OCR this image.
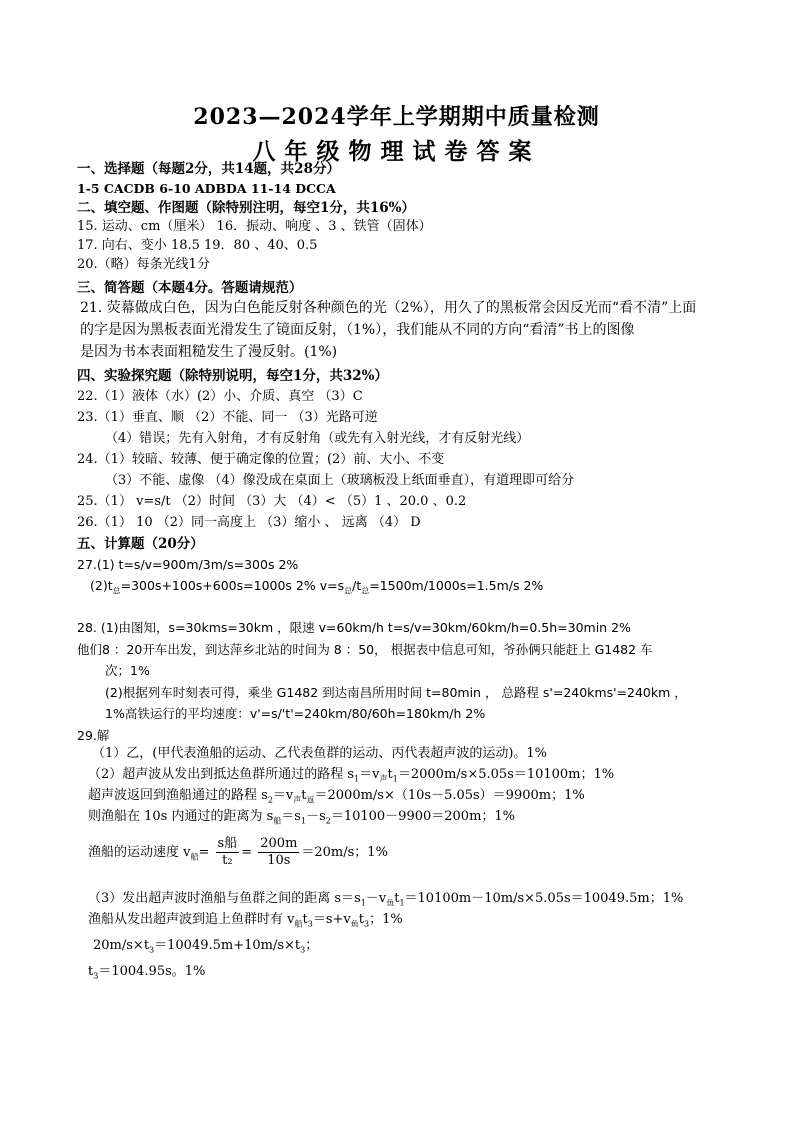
2023—2024学年上学期期中质量检测
八年级物理试卷答案
一、选择题（每题2分，共14题，共28分）
1-5 CACDB 6-10 ADBDA 11-14 DCCA
二、填空题、作图题（除特别注明，每空1分，共16%）
15. 运动、cm（厘米） 16．振动、响度 、3 、铁管（固体）
17. 向右、变小 18.5 19．80 、40、0.5
20.（略）每条光线1分
三、简答题（本题4分。答题请规范）
21. 荧幕做成白色，因为白色能反射各种颜色的光（2%），用久了的黑板常会因反光而“看不清”上面
的字是因为黑板表面光滑发生了镜面反射，（1%），我们能从不同的方向“看清”书上的图像
是因为书本表面粗糙发生了漫反射。(1%)
四、实验探究题（除特别说明，每空1分，共32%）
22.（1）液体（水）(2）小、介质、真空 （3）C
23.（1）垂直、顺 （2）不能、同一 （3）光路可逆
（4）错误；先有入射角，才有反射角（或先有入射光线，才有反射光线）
24.（1）较暗、较薄、便于确定像的位置；(2）前、大小、不变
（3）不能、虚像 （4）像没成在桌面上（玻璃板没上纸面垂直），有道理即可给分
25.（1） v=s/t （2）时间 （3）大 （4）< （5）1 、20.0 、0.2
26.（1） 10 （2）同一高度上 （3）缩小 、 远离 （4） D
五、计算题（20分）
27.(1) t=s/v=900m/3m/s=300s 2%
$(2)t_总=300s+100s+600s=1000s$ 2% $v=s_总/t_总=1500m/1000s=1.5m/s$ 2%
28. (1)由图知，s=30kms=30km ，限速 v=60km/h t=s/v=30km/60km/h=0.5h=30min 2%
他们8 ：20开车出发，到达萍乡北站的时间为 8 ：50， 根据表中信息可知，爷孙俩只能赶上 G1482 车
次；1%
(2)根据列车时刻表可得，乘坐 G1482 到达南昌所用时间 t=80min ， 总路程 s'=240kms'=240km ，
1%高铁运行的平均速度：v'=s/'t'=240km/80/60h=180km/h 2%
29.解
（1）乙，(甲代表渔船的运动、乙代表鱼群的运动、丙代表超声波的运动)。1%
（2）超声波从发出到抵达鱼群所通过的路程 $s_1=v_声t_1=2000m/s\times 5.05s=10100m$；1%
超声波返回到渔船通过的路程 $s_2=v_声t_返=2000m/s\times(10s-5.05s)=9900m$；1%
则渔船在 10s 内通过的距离为 $s_船=s_1-s_2=10100-9900=200m$；1%
渔船的运动速度 $v_船= \frac{\text{s船}}{\text{t₂}} = \frac{200m}{10s} =20m/s$；1%
（3）发出超声波时渔船与鱼群之间的距离 $s=s_1-v_鱼t_1=10100m-10m/s\times 5.05s=10049.5m$；1%
渔船从发出超声波到追上鱼群时有 $v_船t_3=s+v_鱼t_3$；1%
$20m/s\times t_3=10049.5m+10m/s\times t_3$；
$t_3=1004.95s$。1%
